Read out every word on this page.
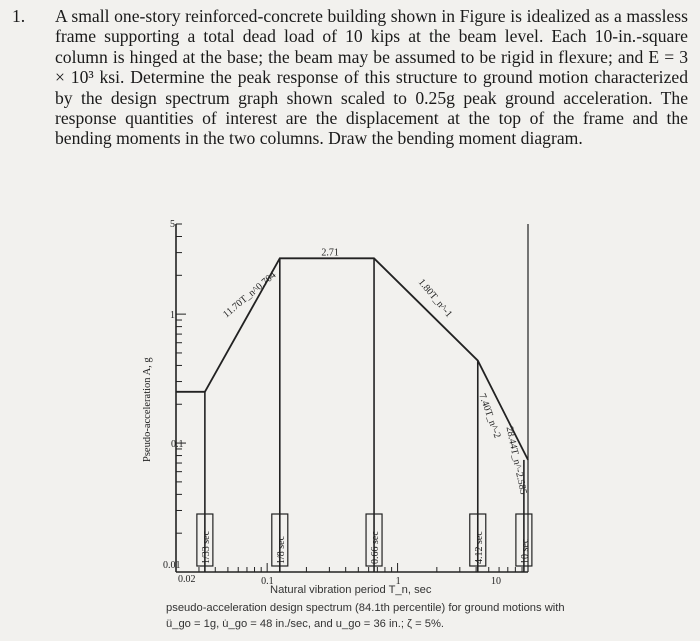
1. A small one-story reinforced-concrete building shown in Figure is idealized as a massless frame supporting a total dead load of 10 kips at the beam level. Each 10-in.-square column is hinged at the base; the beam may be assumed to be rigid in flexure; and E = 3 × 10³ ksi. Determine the peak response of this structure to ground motion characterized by the design spectrum graph shown scaled to 0.25g peak ground acceleration. The response quantities of interest are the displacement at the top of the frame and the bending moments in the two columns. Draw the bending moment diagram.
0.01
0.1
1
5
0.02	0.1	1	10
Pseudo-acceleration A, g
1/33 sec	1/8 sec	0.66 sec	4.12 sec	10 sec
11.70T_n^0.704
2.71
1.80T_n^-1
7.40T_n^-2
28.44T_n^-2.585
Natural vibration period T_n, sec
pseudo-acceleration design spectrum (84.1th percentile) for ground motions with ü_go = 1g, u̇_go = 48 in./sec, and u_go = 36 in.; ζ = 5%.
